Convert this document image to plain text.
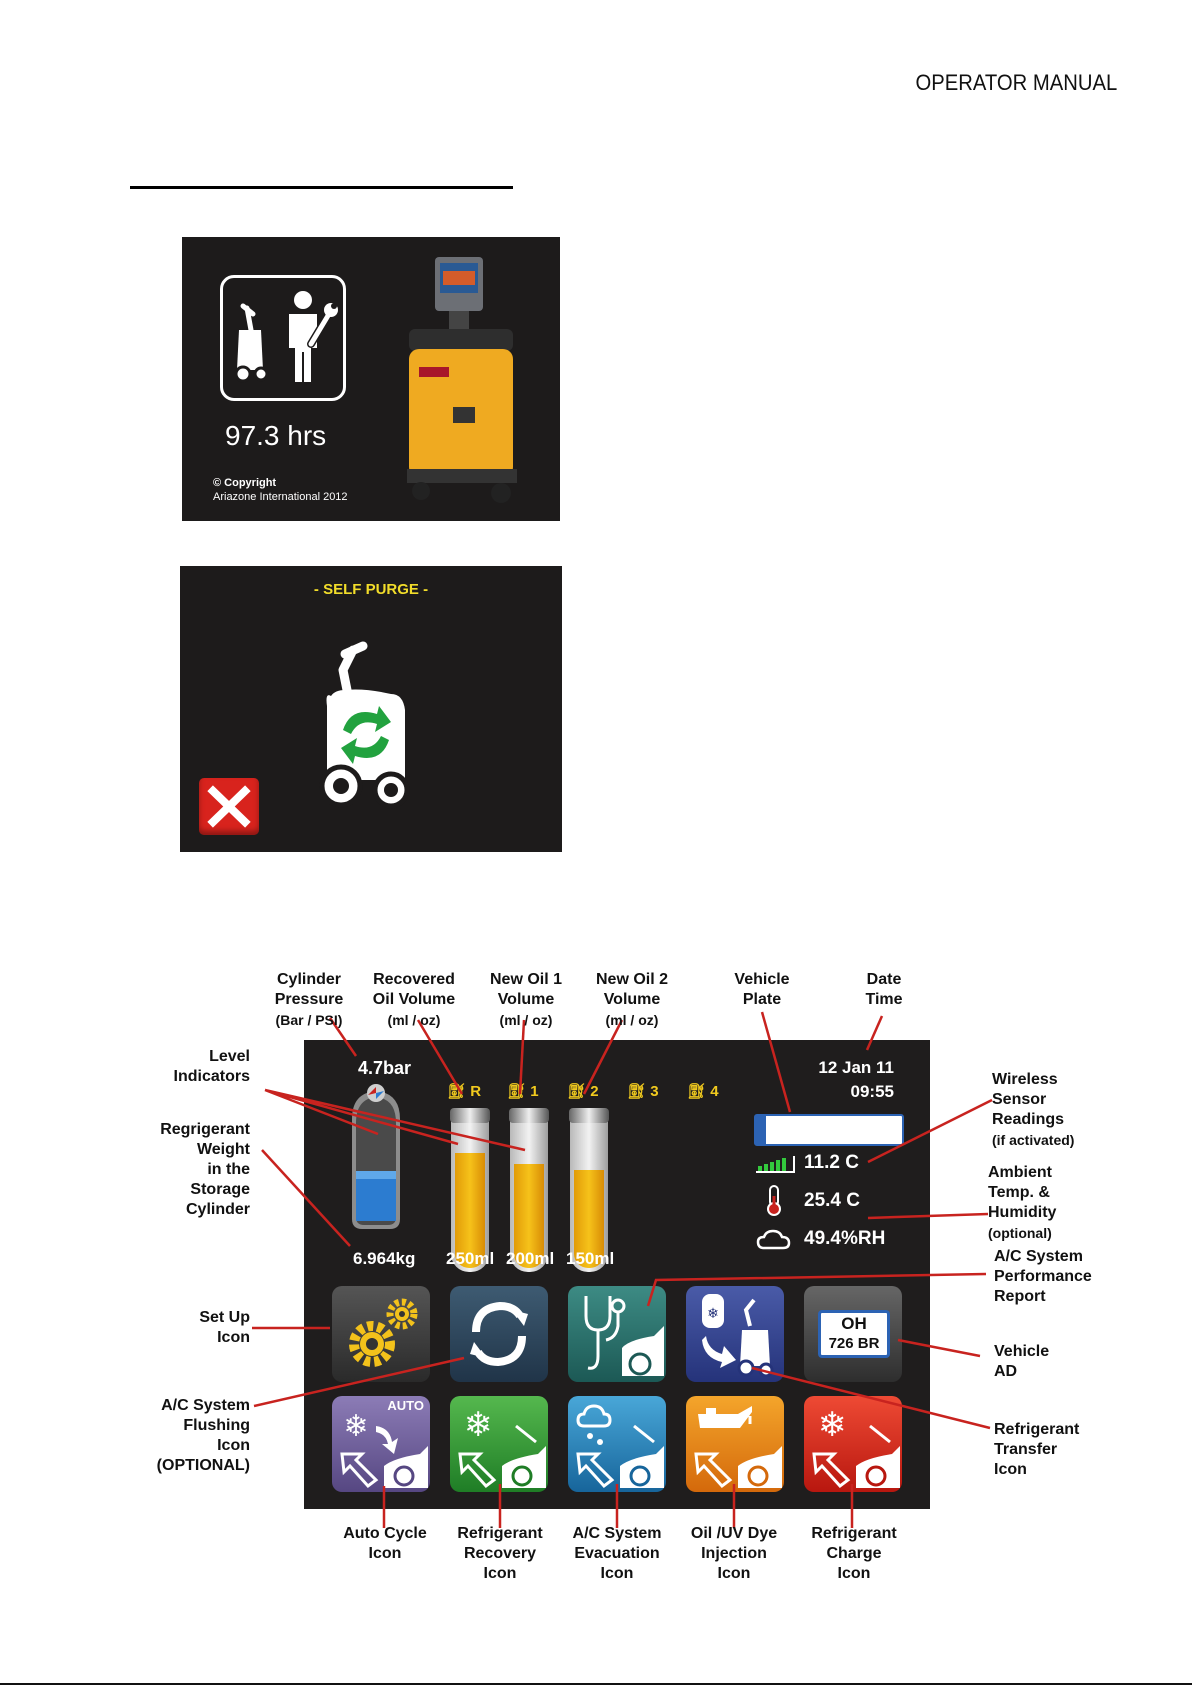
OPERATOR MANUAL
97.3 hrs
© Copyright
Ariazone International 2012
- SELF PURGE -
4.7bar
6.964kg
⛽︎ R ⛽︎ 1 ⛽︎ 2 ⛽︎ 3 ⛽︎ 4
250ml 200ml 150ml
12 Jan 11
09:55
11.2 C
25.4 C
49.4%RH
❄	OH
726 BR
AUTO
❄	❄	❄
Cylinder
Pressure
(Bar / PSI)
Recovered
Oil Volume
(ml / oz)
New Oil 1
Volume
(ml / oz)
New Oil 2
Volume
(ml / oz)
Vehicle
Plate
Date
Time
Level
Indicators
Regrigerant
Weight
in the
Storage
Cylinder
Wireless
Sensor
Readings
(if activated)
Ambient
Temp. &
Humidity
(optional)
A/C System
Performance
Report
Set Up
Icon
Vehicle
AD
A/C System
Flushing
Icon
(OPTIONAL)
Refrigerant
Transfer
Icon
Auto Cycle
Icon
Refrigerant
Recovery
Icon
A/C System
Evacuation
Icon
Oil /UV Dye
Injection
Icon
Refrigerant
Charge
Icon
